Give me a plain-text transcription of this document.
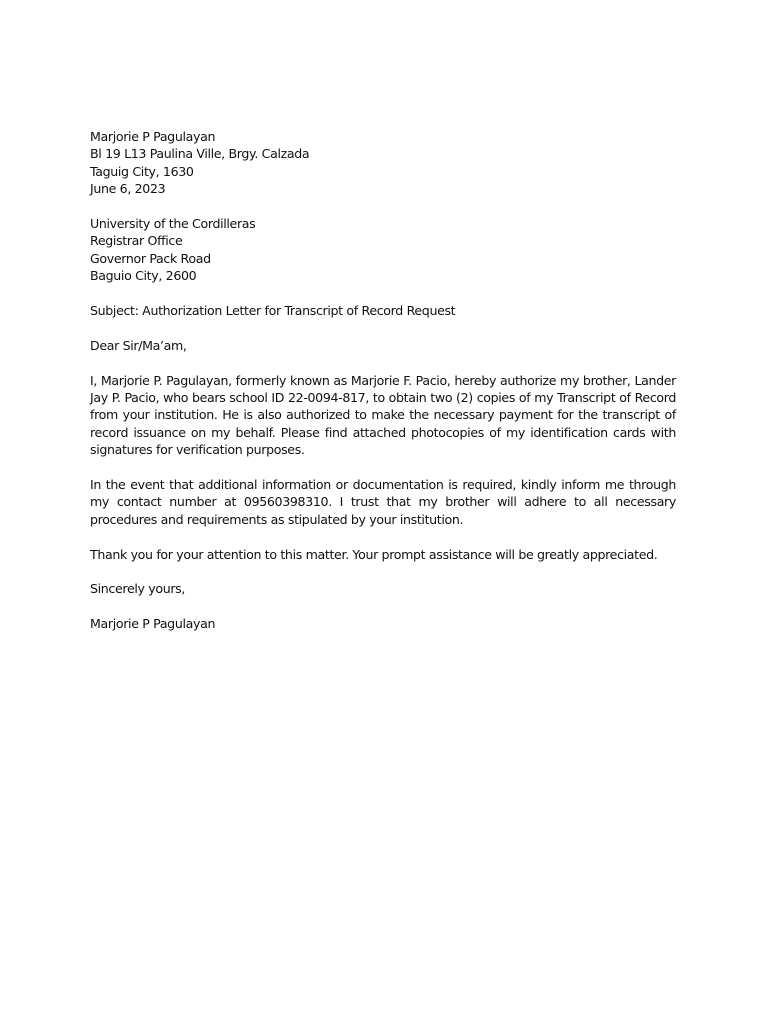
Marjorie P Pagulayan
Bl 19 L13 Paulina Ville, Brgy. Calzada
Taguig City, 1630
June 6, 2023
University of the Cordilleras
Registrar Office
Governor Pack Road
Baguio City, 2600
Subject: Authorization Letter for Transcript of Record Request
Dear Sir/Ma’am,

I, Marjorie P. Pagulayan, formerly known as Marjorie F. Pacio, hereby authorize my brother, Lander Jay P. Pacio, who bears school ID 22-0094-817, to obtain two (2) copies of my Transcript of Record from your institution. He is also authorized to make the necessary payment for the transcript of record issuance on my behalf. Please find attached photocopies of my identification cards with signatures for verification purposes.

In the event that additional information or documentation is required, kindly inform me through my contact number at 09560398310. I trust that my brother will adhere to all necessary procedures and requirements as stipulated by your institution.

Thank you for your attention to this matter. Your prompt assistance will be greatly appreciated.

Sincerely yours,
Marjorie P Pagulayan
